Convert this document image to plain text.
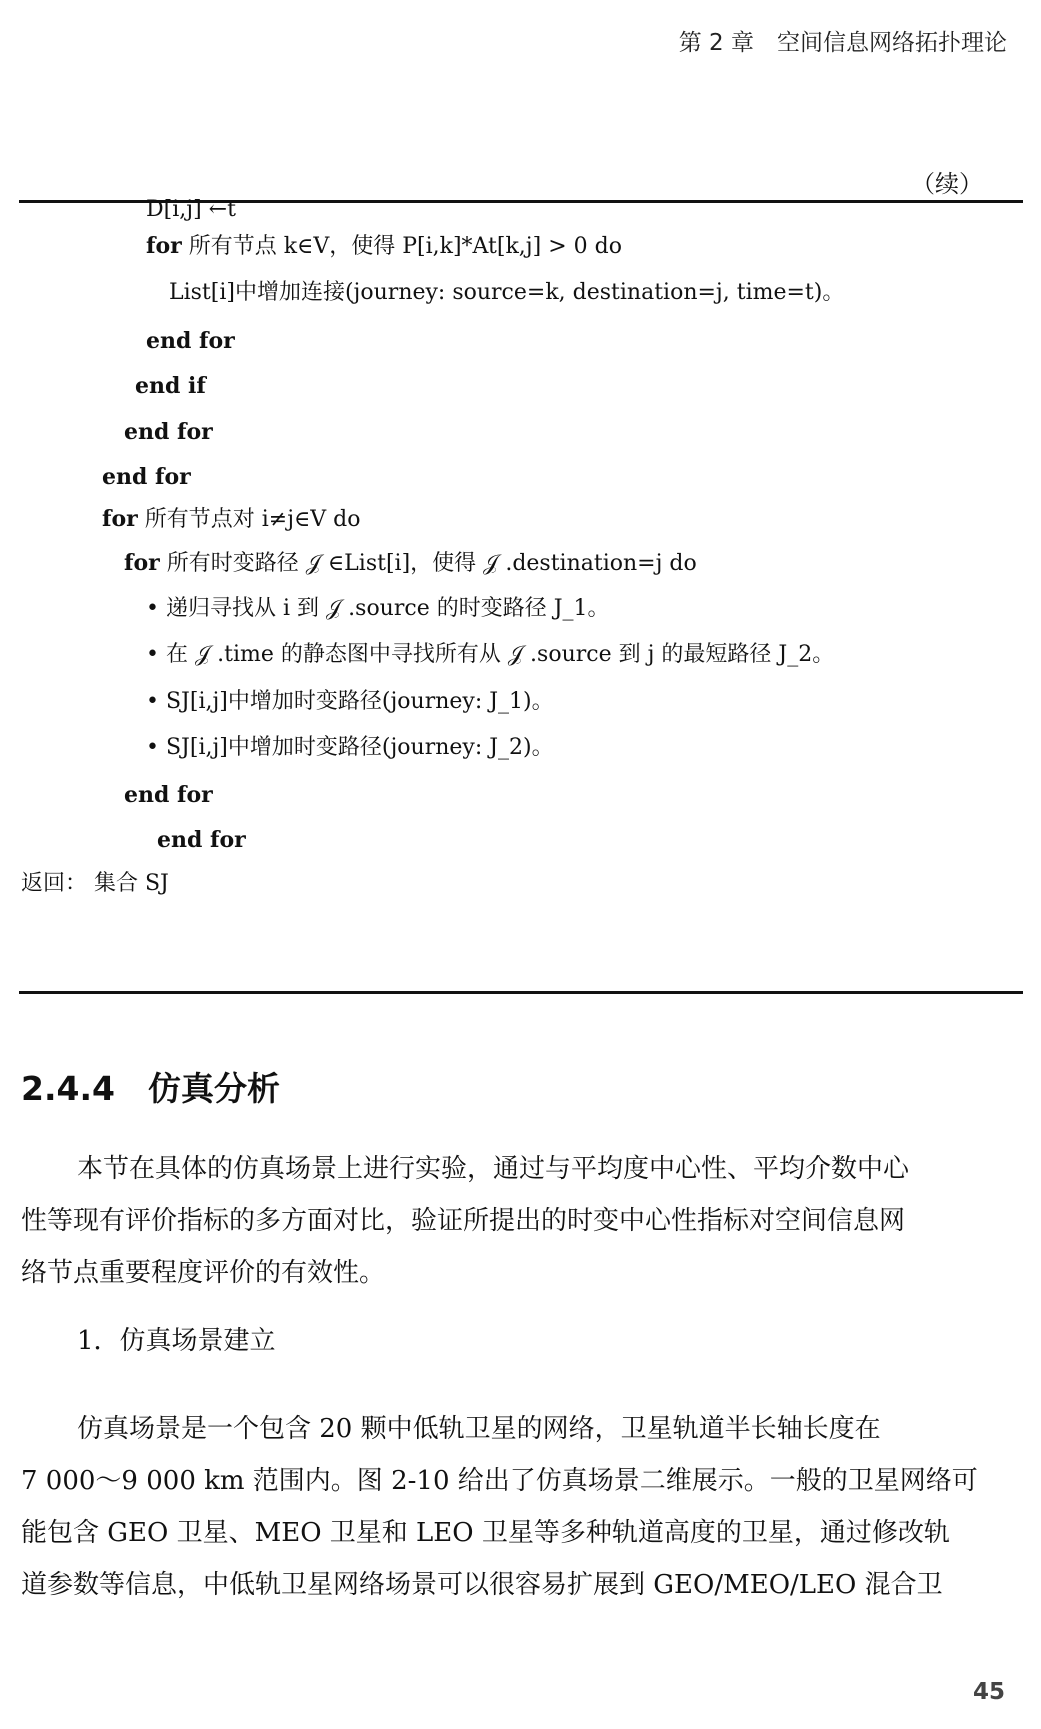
第 2 章　空间信息网络拓扑理论
（续）
D[i,j] ←t
for 所有节点 k∈V，使得 P[i,k]*At[k,j] > 0 do
List[i]中增加连接(journey: source=k, destination=j, time=t)。
end for
end if
end for
end for
for 所有节点对 i≠j∈V do
for 所有时变路径 𝒥 ∈List[i]，使得 𝒥 .destination=j do
• 递归寻找从 i 到 𝒥 .source 的时变路径 J_1。
• 在 𝒥 .time 的静态图中寻找所有从 𝒥 .source 到 j 的最短路径 J_2。
• SJ[i,j]中增加时变路径(journey: J_1)。
• SJ[i,j]中增加时变路径(journey: J_2)。
end for
end for
返回： 集合 SJ
2.4.4　仿真分析
本节在具体的仿真场景上进行实验，通过与平均度中心性、平均介数中心
性等现有评价指标的多方面对比，验证所提出的时变中心性指标对空间信息网
络节点重要程度评价的有效性。
1．仿真场景建立
仿真场景是一个包含 20 颗中低轨卫星的网络，卫星轨道半长轴长度在
7 000～9 000 km 范围内。图 2-10 给出了仿真场景二维展示。一般的卫星网络可
能包含 GEO 卫星、MEO 卫星和 LEO 卫星等多种轨道高度的卫星，通过修改轨
道参数等信息，中低轨卫星网络场景可以很容易扩展到 GEO/MEO/LEO 混合卫
45
